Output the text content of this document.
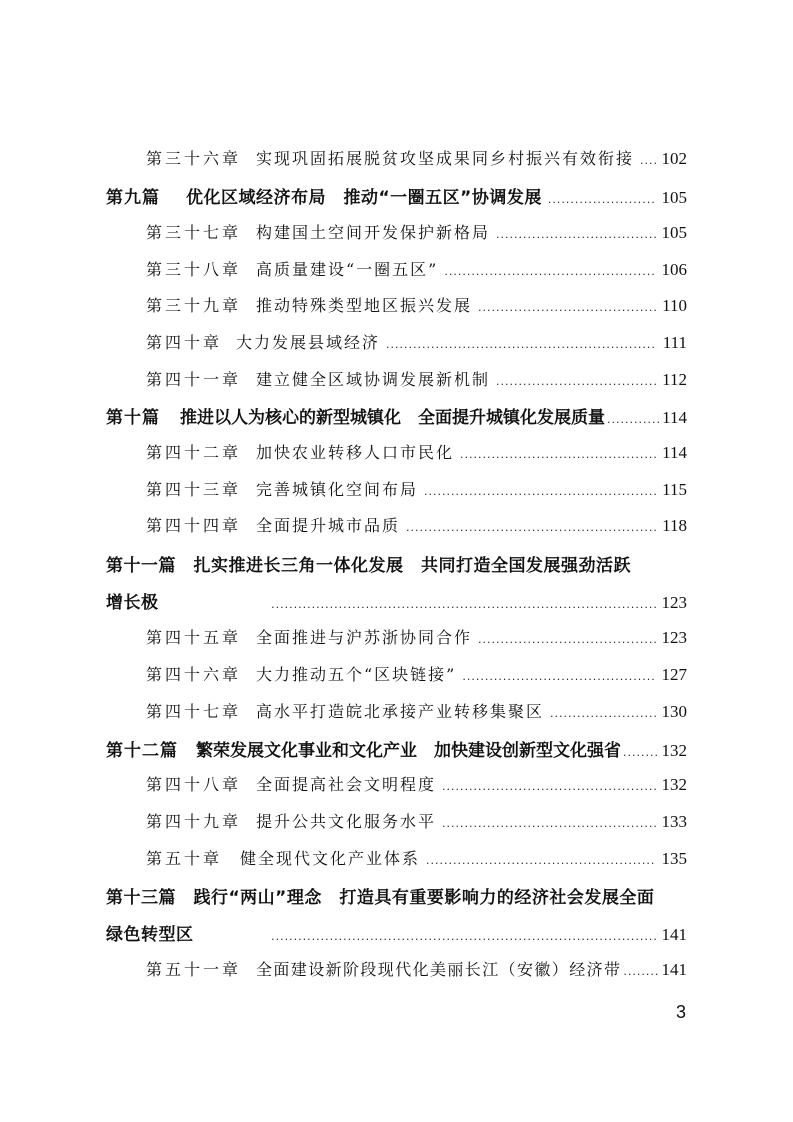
第三十六章 实现巩固拓展脱贫攻坚成果同乡村振兴有效衔接 ..... 102
第九篇	优化区域经济布局　推动“一圈五区”协调发展 .....	105
第三十七章 构建国土空间开发保护新格局 .....	105
第三十八章 高质量建设“一圈五区” .....	106
第三十九章 推动特殊类型地区振兴发展 .....	110
第四十章 大力发展县域经济 .....	111
第四十一章 建立健全区域协调发展新机制 .....	112
第十篇	推进以人为核心的新型城镇化　全面提升城镇化发展质量 .....	114
第四十二章 加快农业转移人口市民化 .....	114
第四十三章 完善城镇化空间布局 .....	115
第四十四章 全面提升城市品质 .....	118
第十一篇　扎实推进长三角一体化发展　共同打造全国发展强劲活跃
增长极 .....	123
第四十五章 全面推进与沪苏浙协同合作 .....	123
第四十六章 大力推动五个“区块链接” .....	127
第四十七章 高水平打造皖北承接产业转移集聚区 .....	130
第十二篇	繁荣发展文化事业和文化产业　加快建设创新型文化强省 ..... 132
第四十八章 全面提高社会文明程度 .....	132
第四十九章 提升公共文化服务水平 .....	133
第五十章	健全现代文化产业体系 .....	135
第十三篇　践行“两山”理念　打造具有重要影响力的经济社会发展全面
绿色转型区 .....	141
第五十一章 全面建设新阶段现代化美丽长江（安徽）经济带 ..... 141
3
